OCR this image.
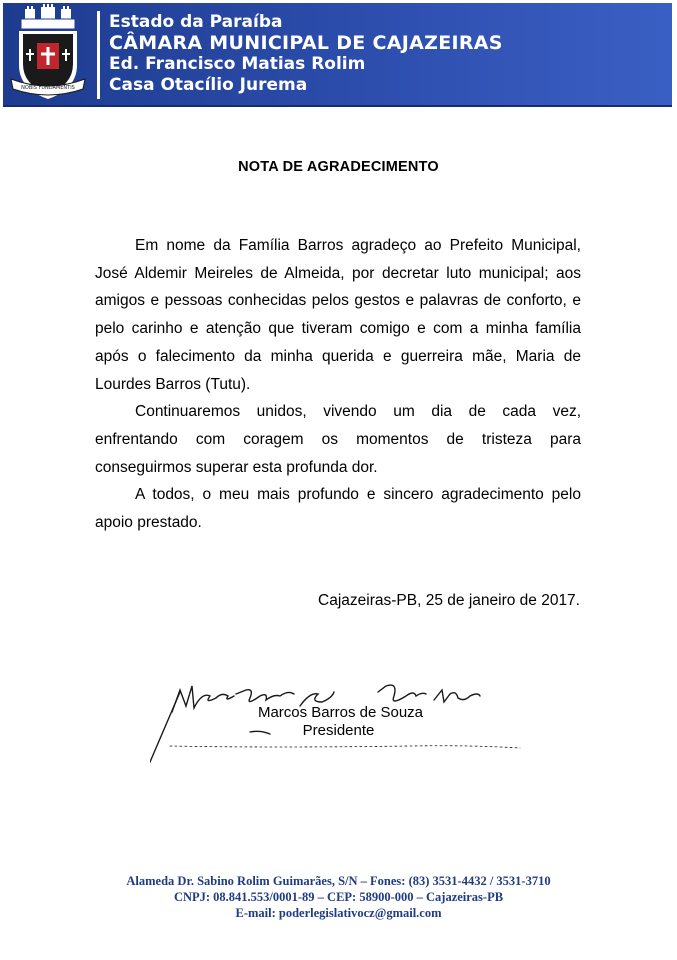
NOBIS FUNDAMENTIS
Estado da Paraíba
CÂMARA MUNICIPAL DE CAJAZEIRAS
Ed. Francisco Matias Rolim
Casa Otacílio Jurema
NOTA DE AGRADECIMENTO

Em nome da Família Barros agradeço ao Prefeito Municipal, José Aldemir Meireles de Almeida, por decretar luto municipal; aos amigos e pessoas conhecidas pelos gestos e palavras de conforto, e pelo carinho e atenção que tiveram comigo e com a minha família após o falecimento da minha querida e guerreira mãe, Maria de Lourdes Barros (Tutu).

Continuaremos unidos, vivendo um dia de cada vez, enfrentando com coragem os momentos de tristeza para conseguirmos superar esta profunda dor.

A todos, o meu mais profundo e sincero agradecimento pelo apoio prestado.

Cajazeiras-PB, 25 de janeiro de 2017.
Marcos Barros de Souza
Presidente
Alameda Dr. Sabino Rolim Guimarães, S/N – Fones: (83) 3531-4432 / 3531-3710
CNPJ: 08.841.553/0001-89 – CEP: 58900-000 – Cajazeiras-PB
E-mail: poderlegislativocz@gmail.com
